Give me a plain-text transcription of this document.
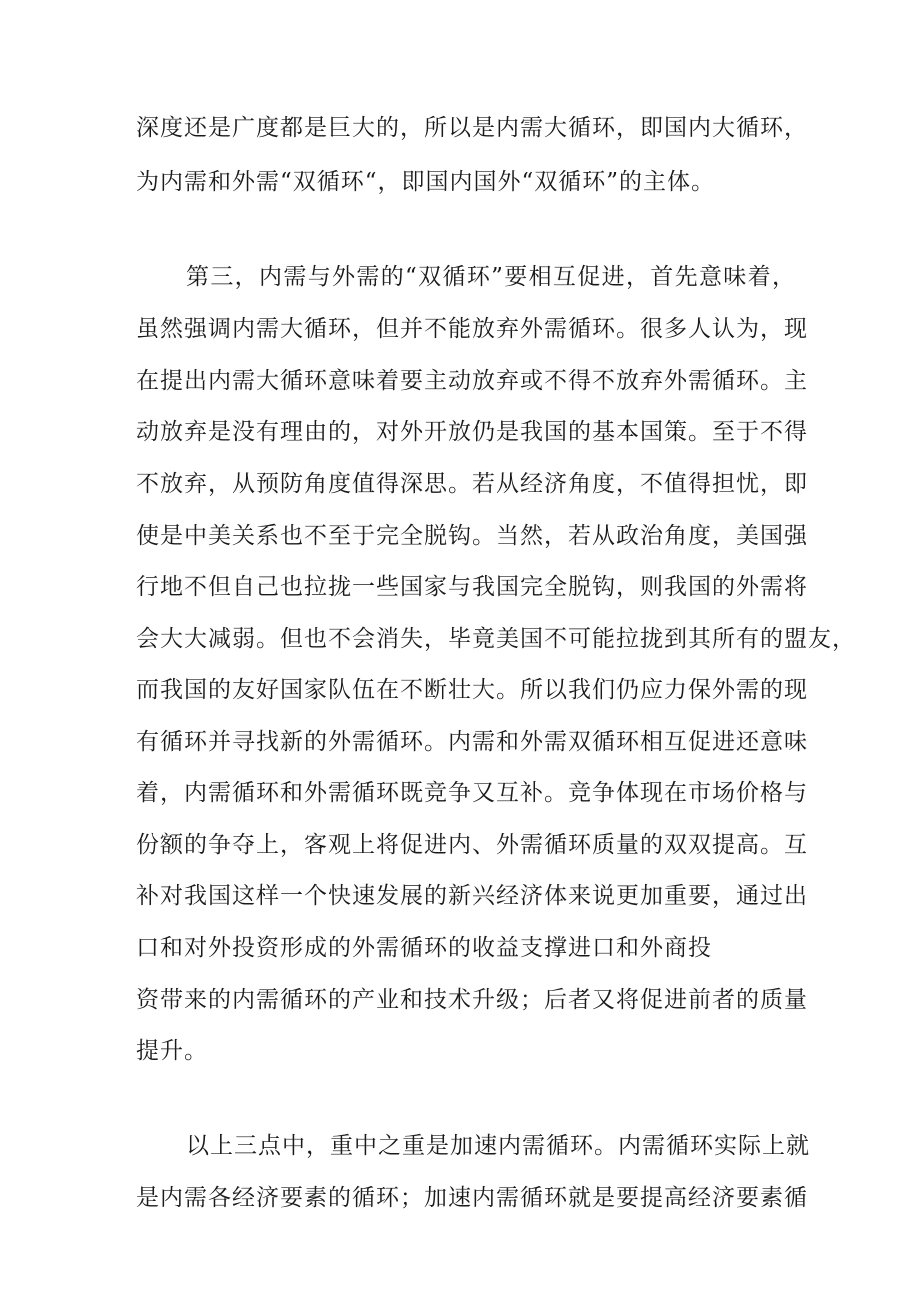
深度还是广度都是巨大的，所以是内需大循环，即国内大循环，
为内需和外需“双循环“，即国内国外“双循环”的主体。
第三，内需与外需的“双循环”要相互促进，首先意味着，
虽然强调内需大循环，但并不能放弃外需循环。很多人认为，现
在提出内需大循环意味着要主动放弃或不得不放弃外需循环。主
动放弃是没有理由的，对外开放仍是我国的基本国策。至于不得
不放弃，从预防角度值得深思。若从经济角度，不值得担忧，即
使是中美关系也不至于完全脱钩。当然，若从政治角度，美国强
行地不但自己也拉拢一些国家与我国完全脱钩，则我国的外需将
会大大减弱。但也不会消失，毕竟美国不可能拉拢到其所有的盟友，
而我国的友好国家队伍在不断壮大。所以我们仍应力保外需的现
有循环并寻找新的外需循环。内需和外需双循环相互促进还意味
着，内需循环和外需循环既竞争又互补。竞争体现在市场价格与
份额的争夺上，客观上将促进内、外需循环质量的双双提高。互
补对我国这样一个快速发展的新兴经济体来说更加重要，通过出
口和对外投资形成的外需循环的收益支撑进口和外商投
资带来的内需循环的产业和技术升级；后者又将促进前者的质量
提升。
以上三点中，重中之重是加速内需循环。内需循环实际上就
是内需各经济要素的循环；加速内需循环就是要提高经济要素循
